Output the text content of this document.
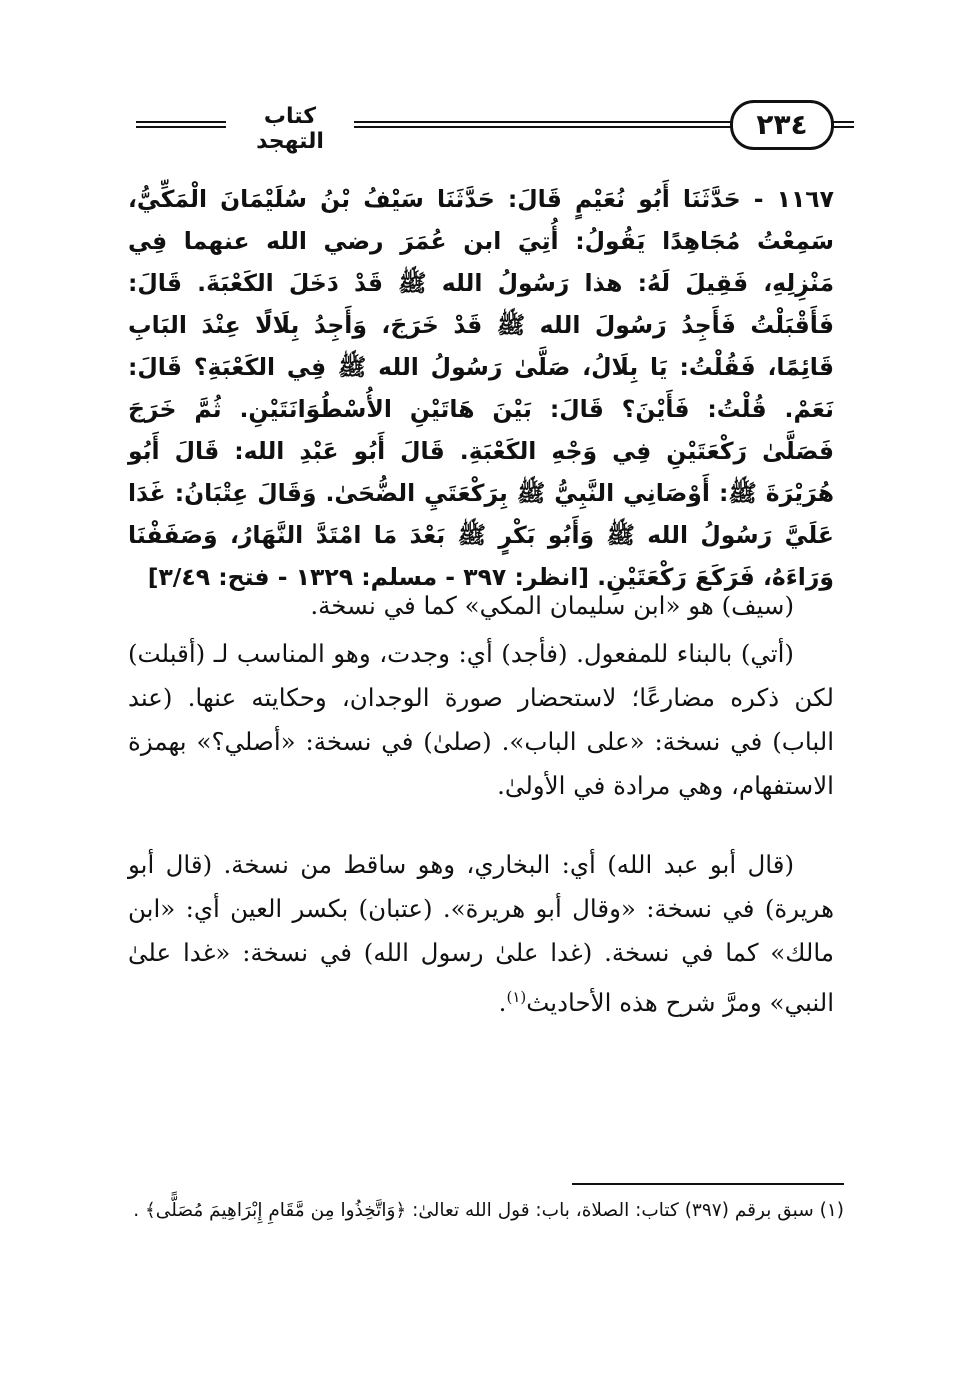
كتاب التهجد
٢٣٤
١١٦٧ - حَدَّثَنَا أَبُو نُعَيْمٍ قَالَ: حَدَّثَنَا سَيْفُ بْنُ سُلَيْمَانَ الْمَكِّيُّ، سَمِعْتُ مُجَاهِدًا يَقُولُ: أُتِيَ ابن عُمَرَ رضي الله عنهما فِي مَنْزِلِهِ، فَقِيلَ لَهُ: هذا رَسُولُ الله ﷺ قَدْ دَخَلَ الكَعْبَةَ. قَالَ: فَأَقْبَلْتُ فَأَجِدُ رَسُولَ الله ﷺ قَدْ خَرَجَ، وَأَجِدُ بِلَالًا عِنْدَ البَابِ قَائِمًا، فَقُلْتُ: يَا بِلَالُ، صَلَّىٰ رَسُولُ الله ﷺ فِي الكَعْبَةِ؟ قَالَ: نَعَمْ. قُلْتُ: فَأَيْنَ؟ قَالَ: بَيْنَ هَاتَيْنِ الأُسْطُوَانَتَيْنِ. ثُمَّ خَرَجَ فَصَلَّىٰ رَكْعَتَيْنِ فِي وَجْهِ الكَعْبَةِ. قَالَ أَبُو عَبْدِ الله: قَالَ أَبُو هُرَيْرَةَ ﷺ: أَوْصَانِي النَّبِيُّ ﷺ بِرَكْعَتَيِ الضُّحَىٰ. وَقَالَ عِتْبَانُ: غَدَا عَلَيَّ رَسُولُ الله ﷺ وَأَبُو بَكْرٍ ﷺ بَعْدَ مَا امْتَدَّ النَّهَارُ، وَصَفَفْنَا وَرَاءَهُ، فَرَكَعَ رَكْعَتَيْنِ. [انظر: ٣٩٧ - مسلم: ١٣٢٩ - فتح: ٣/٤٩]
(سيف) هو «ابن سليمان المكي» كما في نسخة.
(أتي) بالبناء للمفعول. (فأجد) أي: وجدت، وهو المناسب لـ (أقبلت) لكن ذكره مضارعًا؛ لاستحضار صورة الوجدان، وحكايته عنها. (عند الباب) في نسخة: «على الباب». (صلىٰ) في نسخة: «أصلي؟» بهمزة الاستفهام، وهي مرادة في الأولىٰ.
(قال أبو عبد الله) أي: البخاري، وهو ساقط من نسخة. (قال أبو هريرة) في نسخة: «وقال أبو هريرة». (عتبان) بكسر العين أي: «ابن مالك» كما في نسخة. (غدا علىٰ رسول الله) في نسخة: «غدا علىٰ النبي» ومرَّ شرح هذه الأحاديث$^{(١)}$.
(١) سبق برقم (٣٩٧) كتاب: الصلاة، باب: قول الله تعالىٰ: ﴿وَاتَّخِذُوا مِن مَّقَامِ إِبْرَاهِيمَ مُصَلًّى﴾ .
